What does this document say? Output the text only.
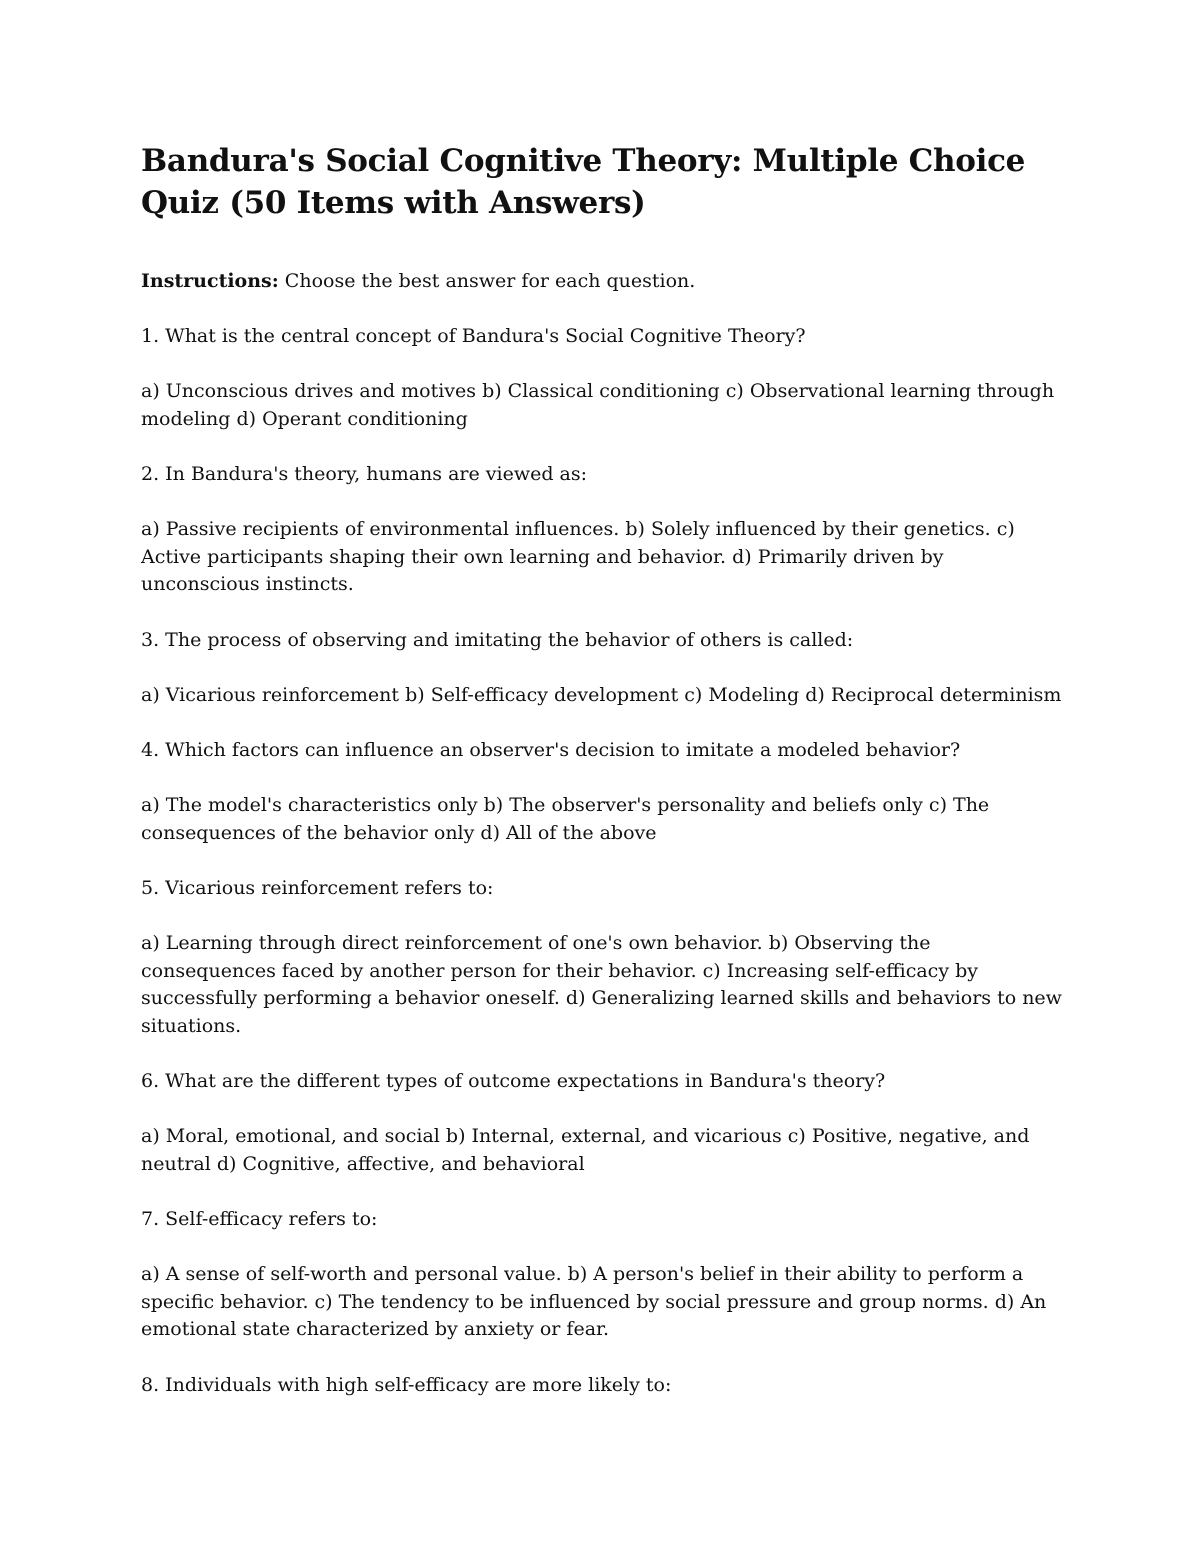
Bandura's Social Cognitive Theory: Multiple Choice Quiz (50 Items with Answers)

Instructions: Choose the best answer for each question.

1. What is the central concept of Bandura's Social Cognitive Theory?

a) Unconscious drives and motives b) Classical conditioning c) Observational learning through modeling d) Operant conditioning

2. In Bandura's theory, humans are viewed as:

a) Passive recipients of environmental influences. b) Solely influenced by their genetics. c) Active participants shaping their own learning and behavior. d) Primarily driven by unconscious instincts.

3. The process of observing and imitating the behavior of others is called:

a) Vicarious reinforcement b) Self-efficacy development c) Modeling d) Reciprocal determinism

4. Which factors can influence an observer's decision to imitate a modeled behavior?

a) The model's characteristics only b) The observer's personality and beliefs only c) The consequences of the behavior only d) All of the above

5. Vicarious reinforcement refers to:

a) Learning through direct reinforcement of one's own behavior. b) Observing the consequences faced by another person for their behavior. c) Increasing self-efficacy by successfully performing a behavior oneself. d) Generalizing learned skills and behaviors to new situations.

6. What are the different types of outcome expectations in Bandura's theory?

a) Moral, emotional, and social b) Internal, external, and vicarious c) Positive, negative, and neutral d) Cognitive, affective, and behavioral

7. Self-efficacy refers to:

a) A sense of self-worth and personal value. b) A person's belief in their ability to perform a specific behavior. c) The tendency to be influenced by social pressure and group norms. d) An emotional state characterized by anxiety or fear.

8. Individuals with high self-efficacy are more likely to:
